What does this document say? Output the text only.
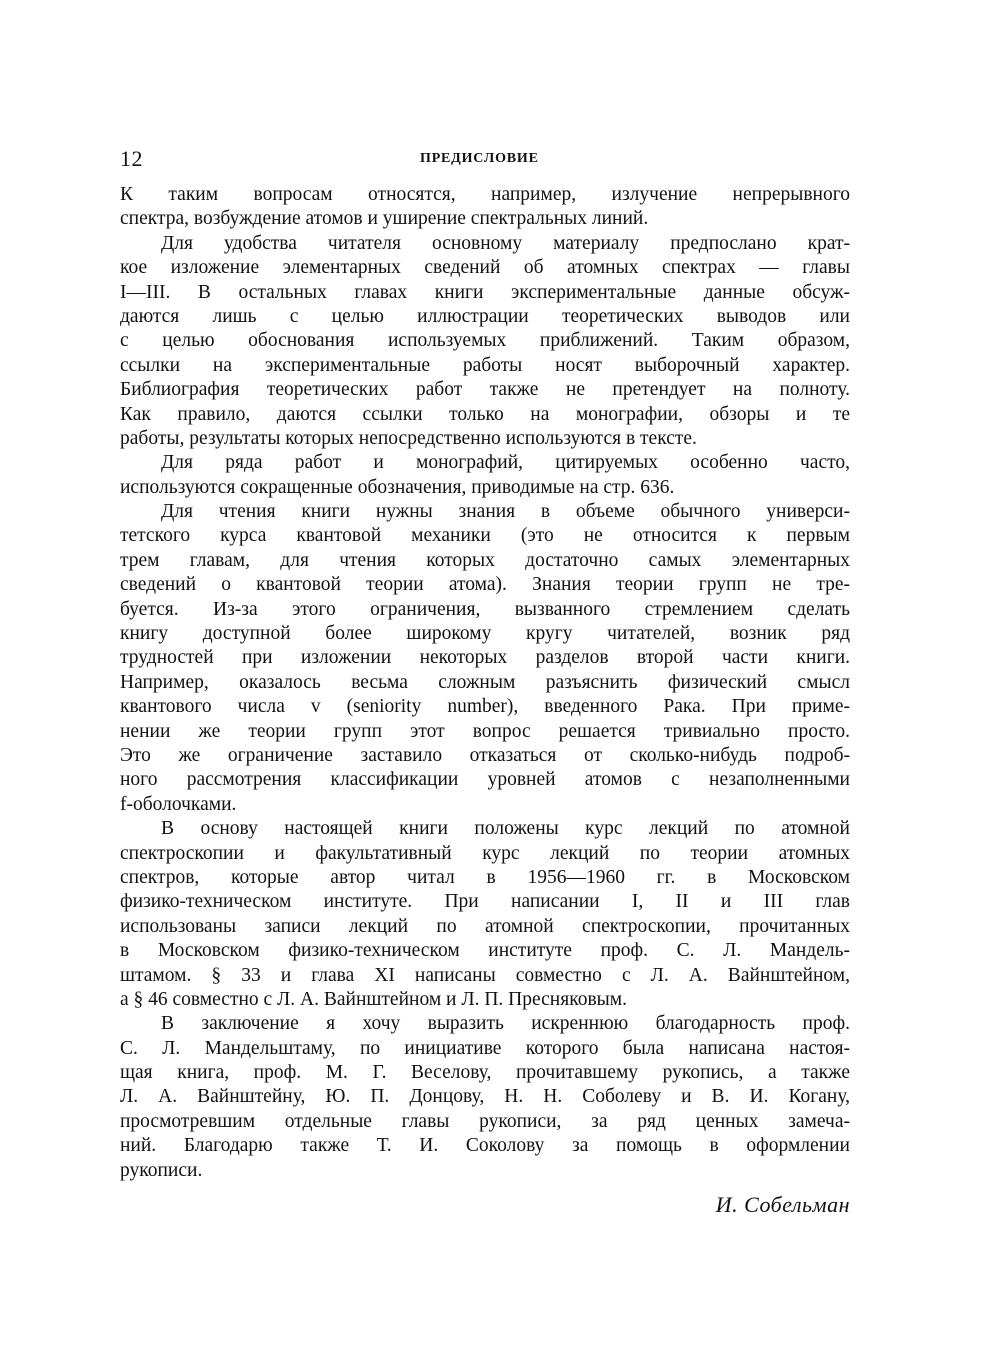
12	ПРЕДИСЛОВИЕ
К таким вопросам относятся, например, излучение непрерывного
спектра, возбуждение атомов и уширение спектральных линий.
Для удобства читателя основному материалу предпослано крат-
кое изложение элементарных сведений об атомных спектрах — главы
I—III. В остальных главах книги экспериментальные данные обсуж-
даются лишь с целью иллюстрации теоретических выводов или
с целью обоснования используемых приближений. Таким образом,
ссылки на экспериментальные работы носят выборочный характер.
Библиография теоретических работ также не претендует на полноту.
Как правило, даются ссылки только на монографии, обзоры и те
работы, результаты которых непосредственно используются в тексте.
Для ряда работ и монографий, цитируемых особенно часто,
используются сокращенные обозначения, приводимые на стр. 636.
Для чтения книги нужны знания в объеме обычного универси-
тетского курса квантовой механики (это не относится к первым
трем главам, для чтения которых достаточно самых элементарных
сведений о квантовой теории атома). Знания теории групп не тре-
буется. Из-за этого ограничения, вызванного стремлением сделать
книгу доступной более широкому кругу читателей, возник ряд
трудностей при изложении некоторых разделов второй части книги.
Например, оказалось весьма сложным разъяснить физический смысл
квантового числа v (seniority number), введенного Рака. При приме-
нении же теории групп этот вопрос решается тривиально просто.
Это же ограничение заставило отказаться от сколько-нибудь подроб-
ного рассмотрения классификации уровней атомов с незаполненными
f-оболочками.
В основу настоящей книги положены курс лекций по атомной
спектроскопии и факультативный курс лекций по теории атомных
спектров, которые автор читал в 1956—1960 гг. в Московском
физико-техническом институте. При написании I, II и III глав
использованы записи лекций по атомной спектроскопии, прочитанных
в Московском физико-техническом институте проф. С. Л. Мандель-
штамом. § 33 и глава XI написаны совместно с Л. А. Вайнштейном,
а § 46 совместно с Л. А. Вайнштейном и Л. П. Пресняковым.
В заключение я хочу выразить искреннюю благодарность проф.
С. Л. Мандельштаму, по инициативе которого была написана настоя-
щая книга, проф. М. Г. Веселову, прочитавшему рукопись, а также
Л. А. Вайнштейну, Ю. П. Донцову, Н. Н. Соболеву и В. И. Когану,
просмотревшим отдельные главы рукописи, за ряд ценных замеча-
ний. Благодарю также Т. И. Соколову за помощь в оформлении
рукописи.
И. Собельман
